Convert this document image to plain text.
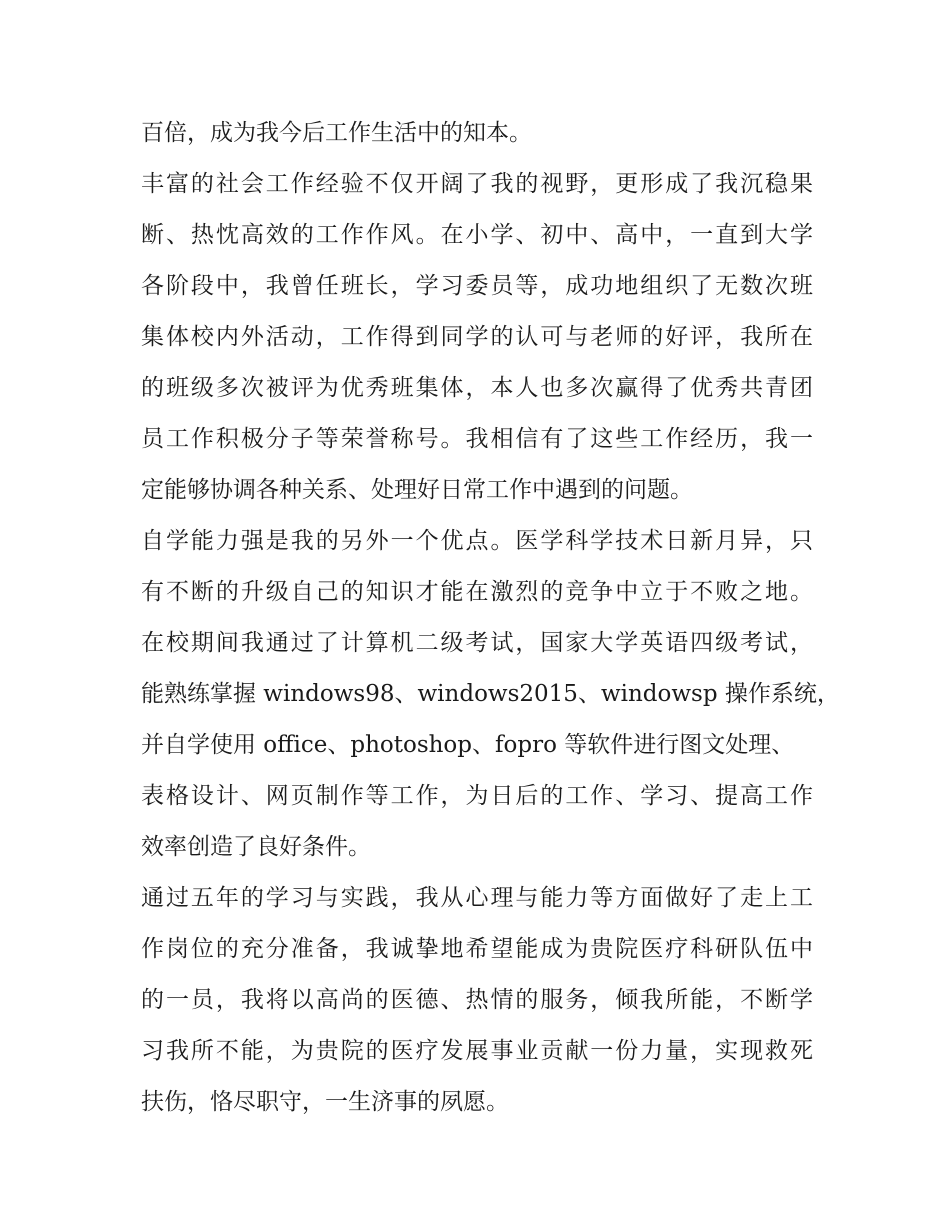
百倍，成为我今后工作生活中的知本。
丰富的社会工作经验不仅开阔了我的视野，更形成了我沉稳果
断、热忱高效的工作作风。在小学、初中、高中，一直到大学
各阶段中，我曾任班长，学习委员等，成功地组织了无数次班
集体校内外活动，工作得到同学的认可与老师的好评，我所在
的班级多次被评为优秀班集体，本人也多次赢得了优秀共青团
员工作积极分子等荣誉称号。我相信有了这些工作经历，我一
定能够协调各种关系、处理好日常工作中遇到的问题。
自学能力强是我的另外一个优点。医学科学技术日新月异，只
有不断的升级自己的知识才能在激烈的竞争中立于不败之地。
在校期间我通过了计算机二级考试，国家大学英语四级考试，
能熟练掌握 windows98、windows2015、windowsp 操作系统，
并自学使用 office、photoshop、fopro 等软件进行图文处理、
表格设计、网页制作等工作，为日后的工作、学习、提高工作
效率创造了良好条件。
通过五年的学习与实践，我从心理与能力等方面做好了走上工
作岗位的充分准备，我诚挚地希望能成为贵院医疗科研队伍中
的一员，我将以高尚的医德、热情的服务，倾我所能，不断学
习我所不能，为贵院的医疗发展事业贡献一份力量，实现救死
扶伤，恪尽职守，一生济事的夙愿。
